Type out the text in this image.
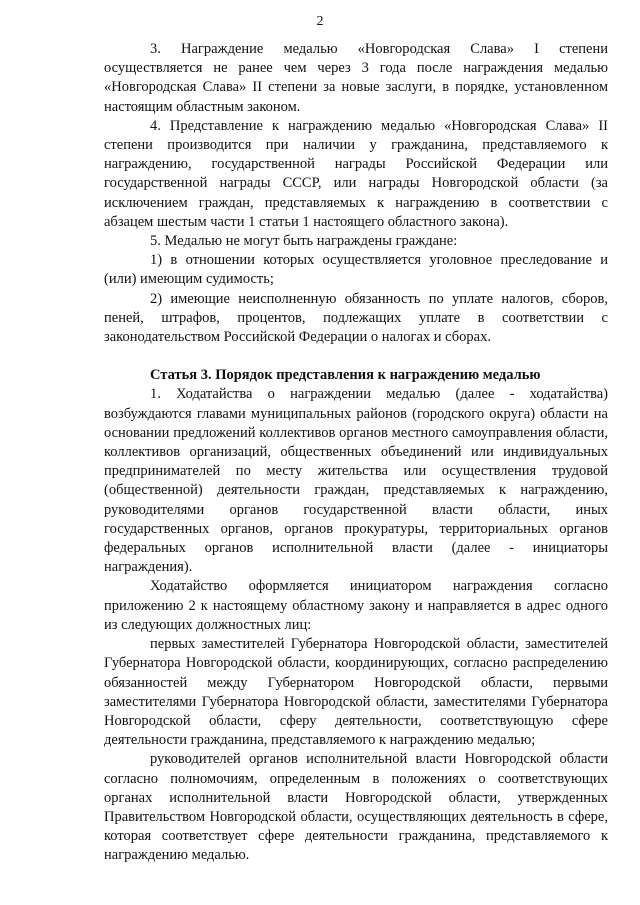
2

3. Награждение медалью «Новгородская Слава» I степени осуществляется не ранее чем через 3 года после награждения медалью «Новгородская Слава» II степени за новые заслуги, в порядке, установленном настоящим областным законом.

4. Представление к награждению медалью «Новгородская Слава» II степени производится при наличии у гражданина, представляемого к награждению, государственной награды Российской Федерации или государственной награды СССР, или награды Новгородской области (за исключением граждан, представляемых к награждению в соответствии с абзацем шестым части 1 статьи 1 настоящего областного закона).

5. Медалью не могут быть награждены граждане:

1) в отношении которых осуществляется уголовное преследование и (или) имеющим судимость;

2) имеющие неисполненную обязанность по уплате налогов, сборов, пеней, штрафов, процентов, подлежащих уплате в соответствии с законодательством Российской Федерации о налогах и сборах.

Статья 3. Порядок представления к награждению медалью

1. Ходатайства о награждении медалью (далее - ходатайства) возбуждаются главами муниципальных районов (городского округа) области на основании предложений коллективов органов местного самоуправления области, коллективов организаций, общественных объединений или индивидуальных предпринимателей по месту жительства или осуществления трудовой (общественной) деятельности граждан, представляемых к награждению, руководителями органов государственной власти области, иных государственных органов, органов прокуратуры, территориальных органов федеральных органов исполнительной власти (далее - инициаторы награждения).

Ходатайство оформляется инициатором награждения согласно приложению 2 к настоящему областному закону и направляется в адрес одного из следующих должностных лиц:

первых заместителей Губернатора Новгородской области, заместителей Губернатора Новгородской области, координирующих, согласно распределению обязанностей между Губернатором Новгородской области, первыми заместителями Губернатора Новгородской области, заместителями Губернатора Новгородской области, сферу деятельности, соответствующую сфере деятельности гражданина, представляемого к награждению медалью;

руководителей органов исполнительной власти Новгородской области согласно полномочиям, определенным в положениях о соответствующих органах исполнительной власти Новгородской области, утвержденных Правительством Новгородской области, осуществляющих деятельность в сфере, которая соответствует сфере деятельности гражданина, представляемого к награждению медалью.
